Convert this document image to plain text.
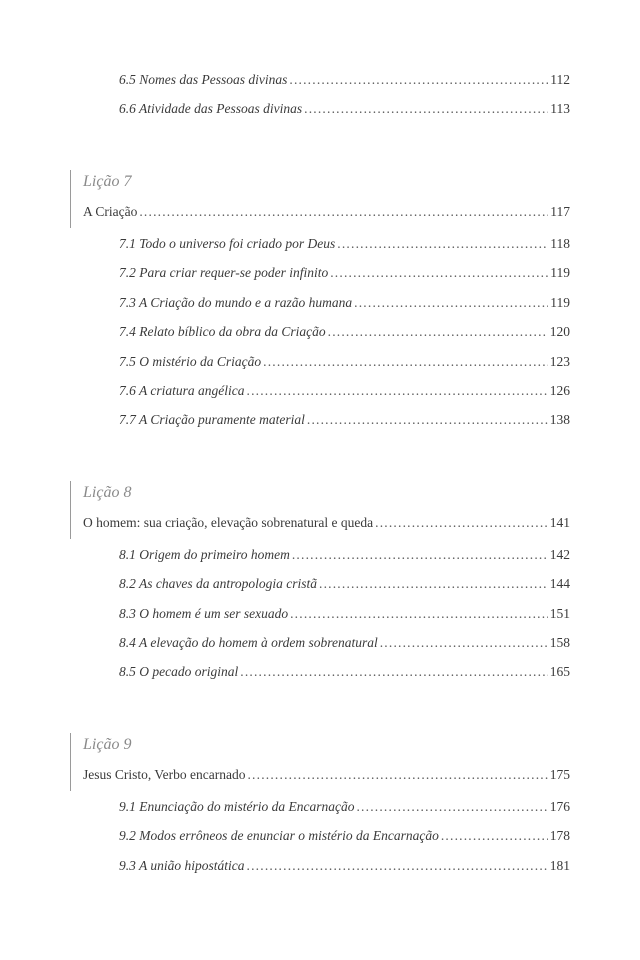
6.5 Nomes das Pessoas divinas .....	112
6.6 Atividade das Pessoas divinas .....	113
Lição 7
A Criação .....	117
7.1 Todo o universo foi criado por Deus .....	118
7.2 Para criar requer-se poder infinito .....	119
7.3 A Criação do mundo e a razão humana .....	119
7.4 Relato bíblico da obra da Criação .....	120
7.5 O mistério da Criação .....	123
7.6 A criatura angélica .....	126
7.7 A Criação puramente material .....	138
Lição 8
O homem: sua criação, elevação sobrenatural e queda .....	141
8.1 Origem do primeiro homem .....	142
8.2 As chaves da antropologia cristã .....	144
8.3 O homem é um ser sexuado .....	151
8.4 A elevação do homem à ordem sobrenatural .....	158
8.5 O pecado original .....	165
Lição 9
Jesus Cristo, Verbo encarnado .....	175
9.1 Enunciação do mistério da Encarnação .....	176
9.2 Modos errôneos de enunciar o mistério da Encarnação .....	178
9.3 A união hipostática .....	181
